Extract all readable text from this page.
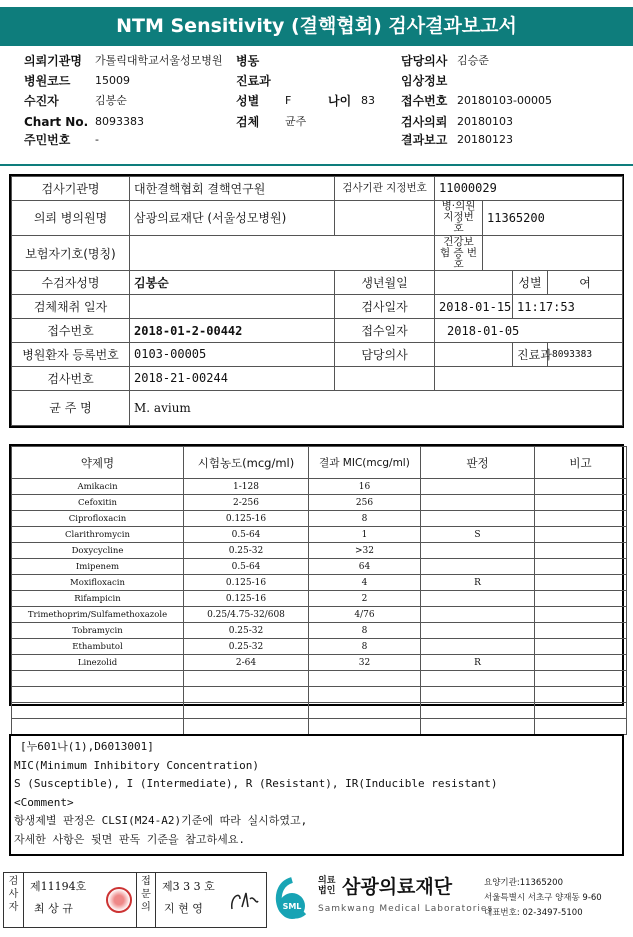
NTM Sensitivity (결핵협회) 검사결과보고서
의뢰기관명 가톨릭대학교서울성모병원 병동	담당의사 김승준
병원코드 15009	진료과	임상정보
수진자	김봉순	성별 F	나이 83 접수번호 20180103-00005
Chart No. 8093383	검체 균주	검사의뢰 20180103
주민번호 -	결과보고 20180123
검사기관명	대한결핵협회 결핵연구원	검사기관 지정번호	11000029			
의뢰 병의원명	삼광의료재단 (서울성모병원)		병·의원 지정번호	11365200		
보험자기호(명칭)			건강보험 증 번 호			
수검자성명	김봉순	생년월일			성별	여
검체채취 일자		검사일자	2018-01-15		11:17:53	
접수번호	2018-01-2-00442	접수일자	2018-01-05			
병원환자 등록번호	0103-00005	담당의사			진료과	8093383
검사번호	2018-21-00244					
균 주 명	M. avium					
약제명	시험농도(mcg/ml)	결과 MIC(mcg/ml)	판정	비고
Amikacin	1-128	16		
Cefoxitin	2-256	256		
Ciprofloxacin	0.125-16	8		
Clarithromycin	0.5-64	1	S	
Doxycycline	0.25-32	>32		
Imipenem	0.5-64	64		
Moxifloxacin	0.125-16	4	R	
Rifampicin	0.125-16	2		
Trimethoprim/Sulfamethoxazole	0.25/4.75-32/608	4/76		
Tobramycin	0.25-32	8		
Ethambutol	0.25-32	8		
Linezolid	2-64	32	R	

[누601나(1),D6013001]
MIC(Minimum Inhibitory Concentration)
S (Susceptible), I (Intermediate), R (Resistant), IR(Inducible resistant)
<Comment>
항생제별 판정은 CLSI(M24-A2)기준에 따라 실시하였고,
자세한 사항은 뒷면 판독 기준을 참고하세요.
검사자
제11194호
최 상 규
접문의
제3 3 3 호
지 현 영	SML
의료법인 삼광의료재단
Samkwang Medical Laboratories
요양기관:11365200
서울특별시 서초구 양재동 9-60
대표번호: 02-3497-5100
